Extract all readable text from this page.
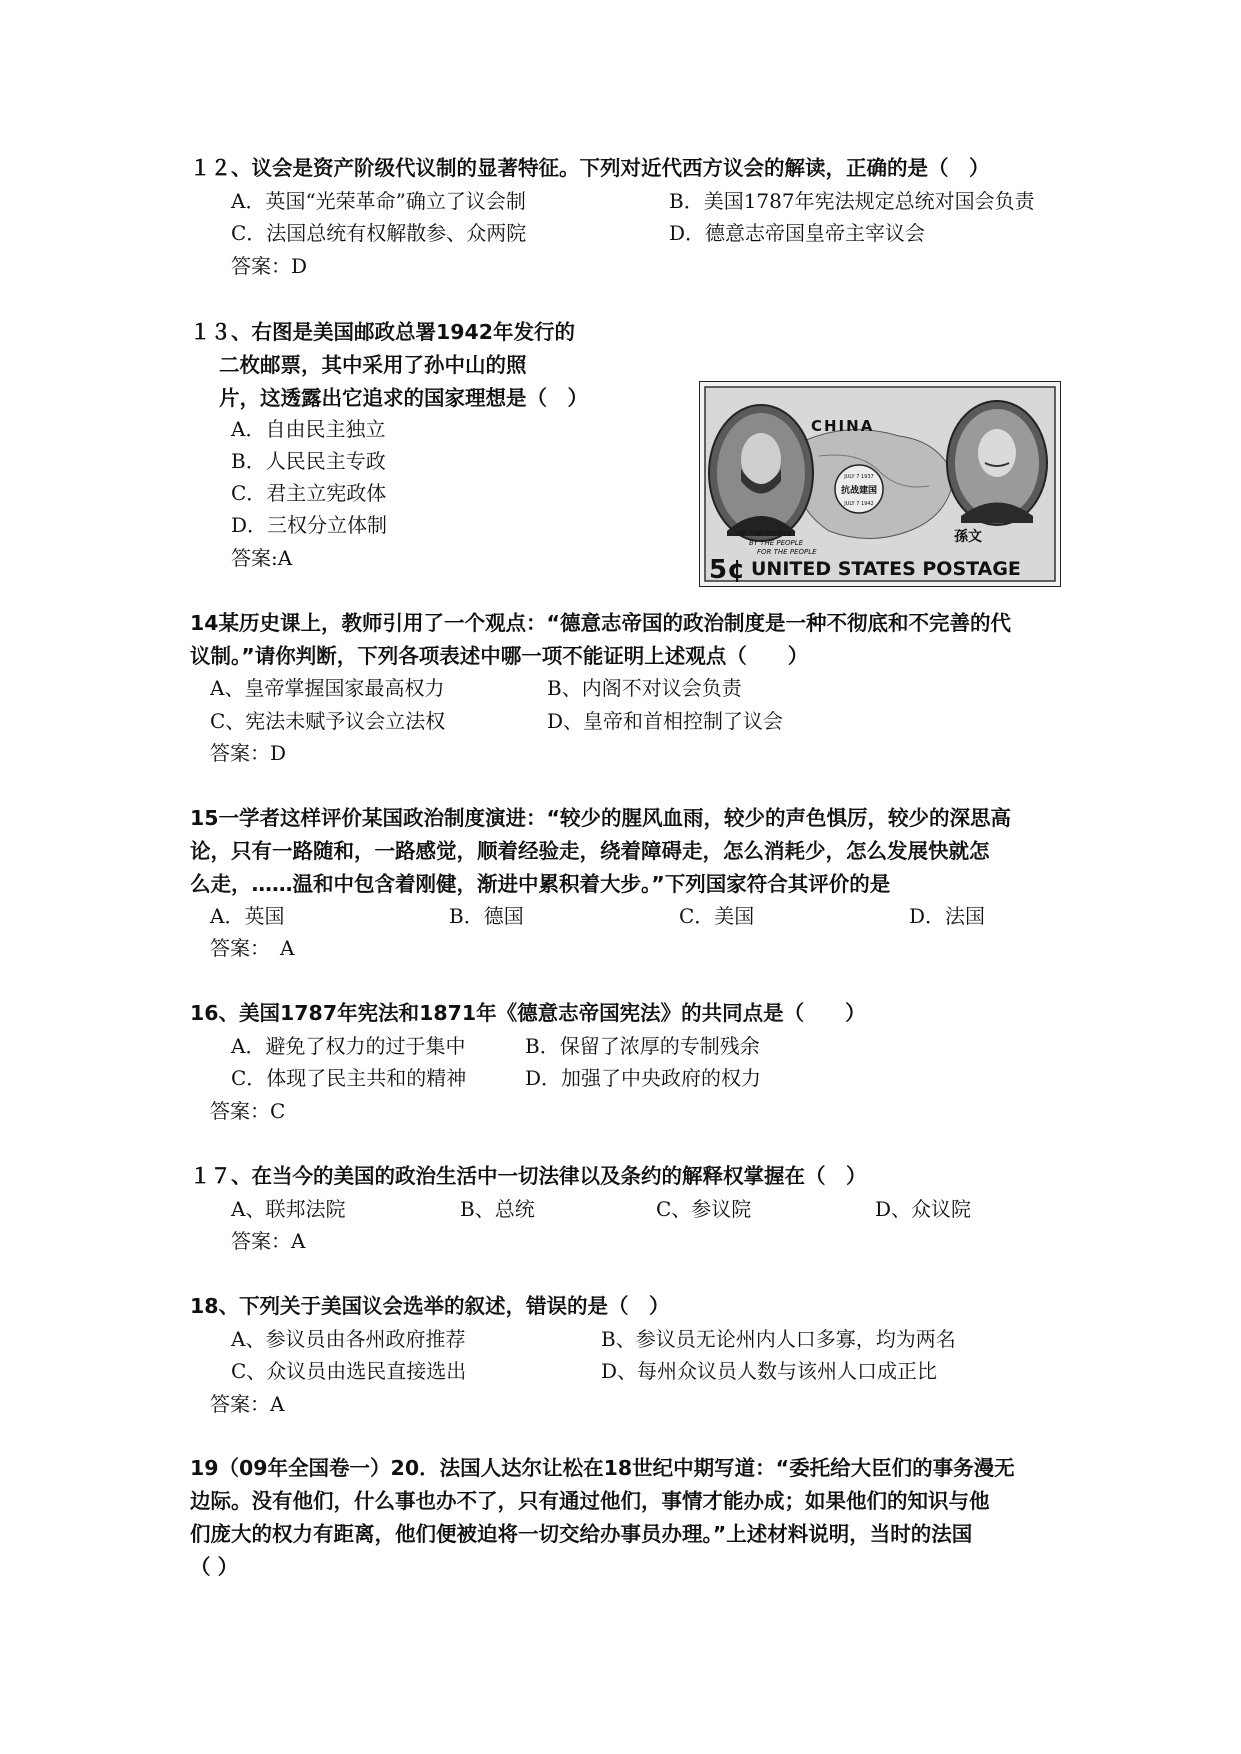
１２、议会是资产阶级代议制的显著特征。下列对近代西方议会的解读，正确的是（　）
A．英国“光荣革命”确立了议会制	B．美国1787年宪法规定总统对国会负责
C．法国总统有权解散参、众两院	D．德意志帝国皇帝主宰议会
答案：D
１３、右图是美国邮政总署1942年发行的
二枚邮票，其中采用了孙中山的照
片，这透露出它追求的国家理想是（　）
A．自由民主独立
B．人民民主专政
C．君主立宪政体
D．三权分立体制
答案:A
CHINA
JULY 7 1937
抗战建国
JULY 7 1942
OF THE PEOPLE
BY THE PEOPLE
FOR THE PEOPLE
孫文
5¢ UNITED STATES POSTAGE
14某历史课上，教师引用了一个观点：“德意志帝国的政治制度是一种不彻底和不完善的代
议制。”请你判断，下列各项表述中哪一项不能证明上述观点（　　）
A、皇帝掌握国家最高权力	B、内阁不对议会负责
C、宪法未赋予议会立法权	D、皇帝和首相控制了议会
答案：D
15一学者这样评价某国政治制度演进：“较少的腥风血雨，较少的声色惧厉，较少的深思高
论，只有一路随和，一路感觉，顺着经验走，绕着障碍走，怎么消耗少，怎么发展快就怎
么走，……温和中包含着刚健，渐进中累积着大步。”下列国家符合其评价的是
A．英国	B．德国	C．美国	D．法国
答案：　A
16、美国1787年宪法和1871年《德意志帝国宪法》的共同点是（　　）
A．避免了权力的过于集中	B．保留了浓厚的专制残余
C．体现了民主共和的精神	D．加强了中央政府的权力
答案：C
１７、在当今的美国的政治生活中一切法律以及条约的解释权掌握在（　）
A、联邦法院	B、总统	C、参议院	D、众议院
答案：A
18、下列关于美国议会选举的叙述，错误的是（　）
A、参议员由各州政府推荐	B、参议员无论州内人口多寡，均为两名
C、众议员由选民直接选出	D、每州众议员人数与该州人口成正比
答案：A
19（09年全国卷一）20．法国人达尔让松在18世纪中期写道：“委托给大臣们的事务漫无
边际。没有他们，什么事也办不了，只有通过他们，事情才能办成；如果他们的知识与他
们庞大的权力有距离，他们便被迫将一切交给办事员办理。”上述材料说明，当时的法国
（ ）
